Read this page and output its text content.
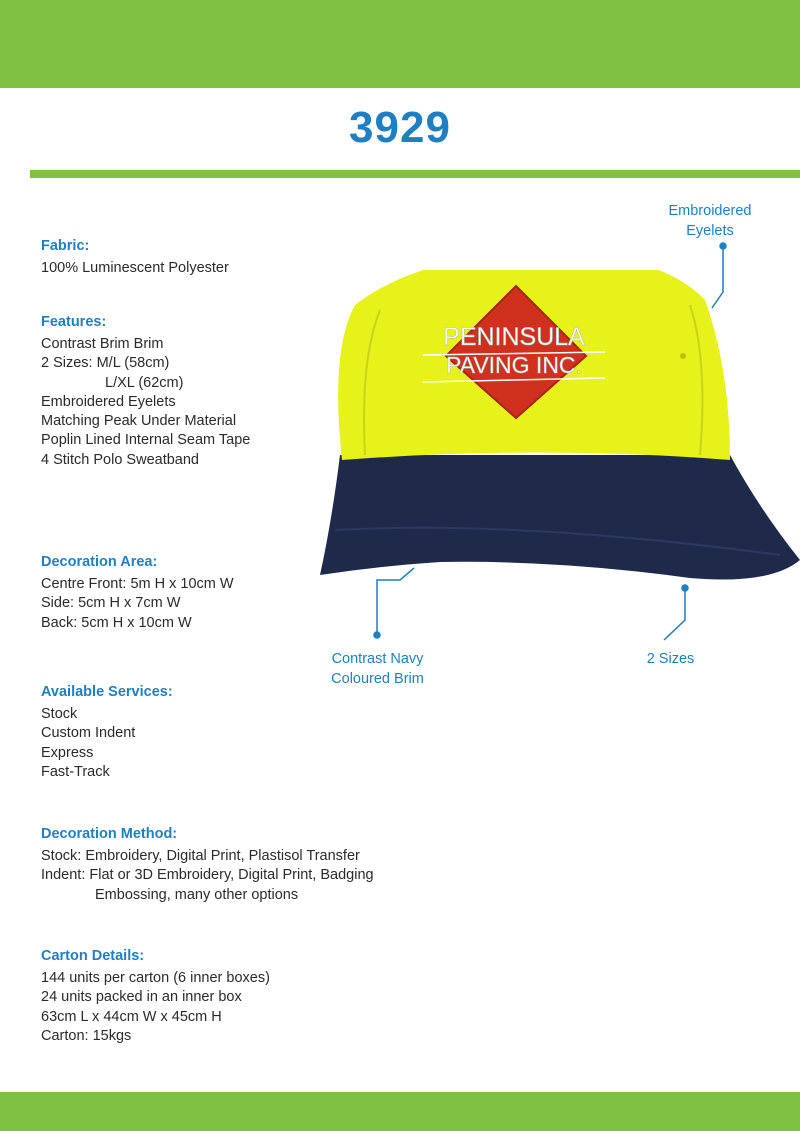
3929
Fabric:
100% Luminescent Polyester
Features:
Contrast Brim Brim
2 Sizes: M/L (58cm)
L/XL (62cm)
Embroidered Eyelets
Matching Peak Under Material
Poplin Lined Internal Seam Tape
4 Stitch Polo Sweatband
Decoration Area:
Centre Front: 5m H x 10cm W
Side: 5cm H x 7cm W
Back: 5cm H x 10cm W
Available Services:
Stock
Custom Indent
Express
Fast-Track
Decoration Method:
Stock: Embroidery, Digital Print, Plastisol Transfer
Indent: Flat or 3D Embroidery, Digital Print, Badging
Embossing, many other options
Carton Details:
144 units per carton (6 inner boxes)
24 units packed in an inner box
63cm L x 44cm W x 45cm H
Carton: 15kgs
PENINSULA
PAVING INC.
Embroidered
Eyelets
Contrast Navy
Coloured Brim
2 Sizes
